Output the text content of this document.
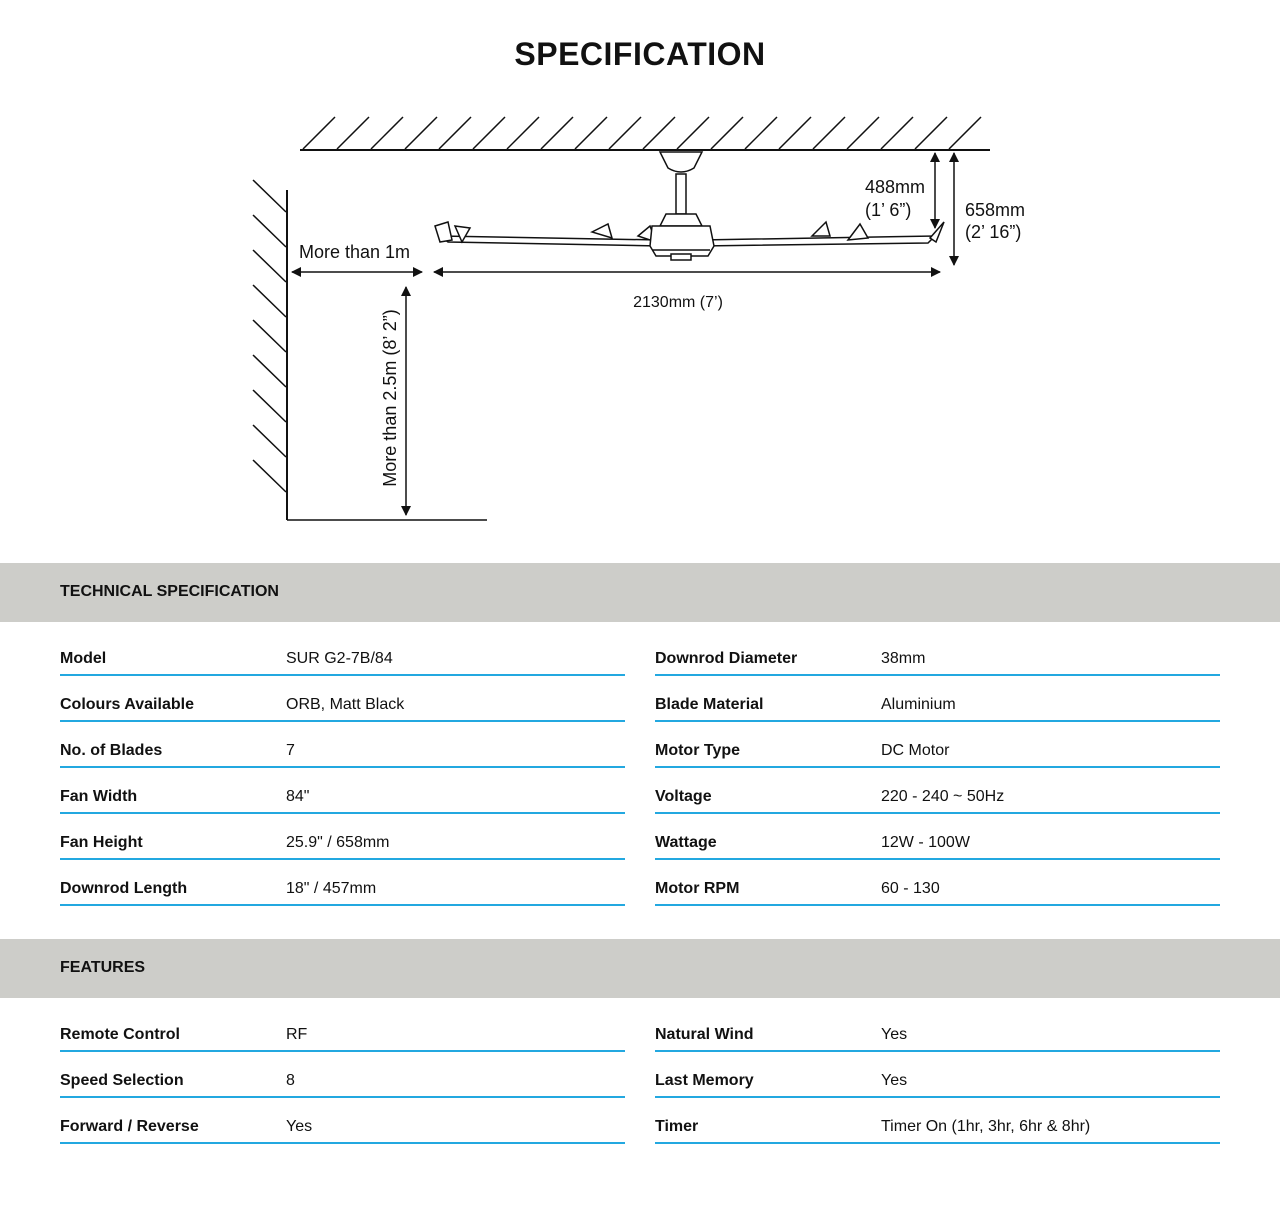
SPECIFICATION
More than 1m
2130mm (7’)
More than 2.5m (8’ 2”)
488mm
(1’ 6”)	658mm
(2’ 16”)
TECHNICAL SPECIFICATION
Model	SUR G2-7B/84
Colours Available	ORB, Matt Black
No. of Blades	7
Fan Width	84"
Fan Height	25.9" / 658mm
Downrod Length	18" / 457mm
Downrod Diameter	38mm
Blade Material	Aluminium
Motor Type	DC Motor
Voltage	220 - 240 ~ 50Hz
Wattage	12W - 100W
Motor RPM	60 - 130
FEATURES
Remote Control	RF
Speed Selection	8
Forward / Reverse	Yes
Natural Wind	Yes
Last Memory	Yes
Timer	Timer On (1hr, 3hr, 6hr & 8hr)
